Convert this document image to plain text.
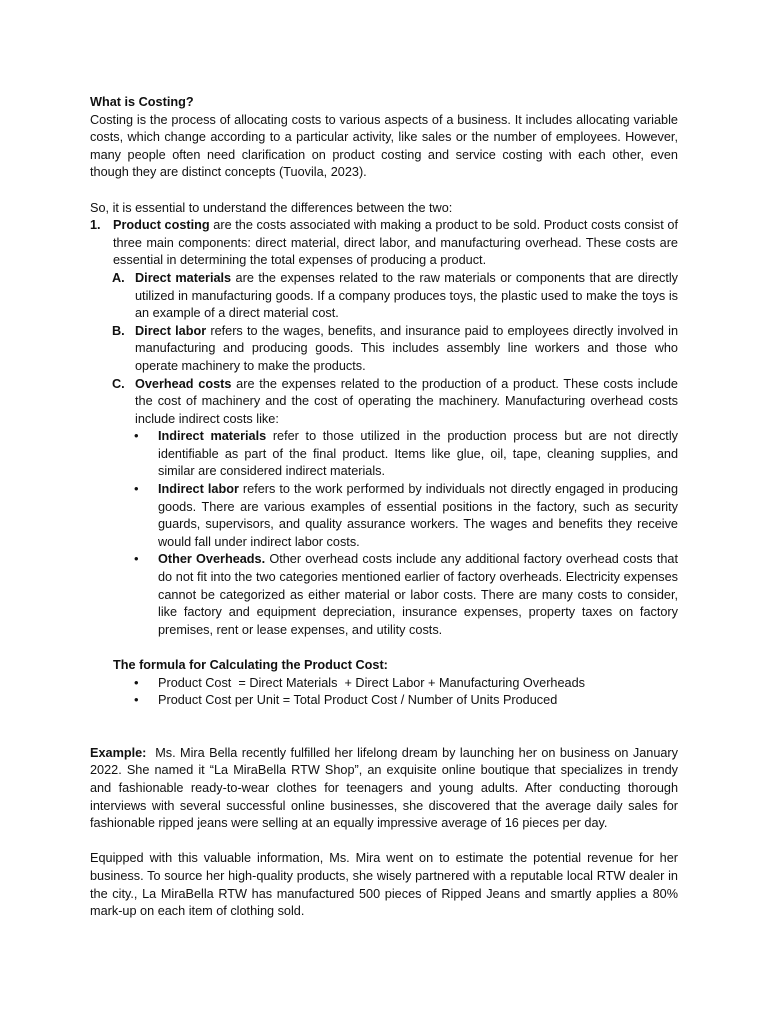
What is Costing?

Costing is the process of allocating costs to various aspects of a business. It includes allocating variable costs, which change according to a particular activity, like sales or the number of employees. However, many people often need clarification on product costing and service costing with each other, even though they are distinct concepts (Tuovila, 2023).

So, it is essential to understand the differences between the two:

1. Product costing are the costs associated with making a product to be sold. Product costs consist of three main components: direct material, direct labor, and manufacturing overhead. These costs are essential in determining the total expenses of producing a product.

A. Direct materials are the expenses related to the raw materials or components that are directly utilized in manufacturing goods. If a company produces toys, the plastic used to make the toys is an example of a direct material cost.

B. Direct labor refers to the wages, benefits, and insurance paid to employees directly involved in manufacturing and producing goods. This includes assembly line workers and those who operate machinery to make the products.

C. Overhead costs are the expenses related to the production of a product. These costs include the cost of machinery and the cost of operating the machinery. Manufacturing overhead costs include indirect costs like:

• Indirect materials refer to those utilized in the production process but are not directly identifiable as part of the final product. Items like glue, oil, tape, cleaning supplies, and similar are considered indirect materials.

• Indirect labor refers to the work performed by individuals not directly engaged in producing goods. There are various examples of essential positions in the factory, such as security guards, supervisors, and quality assurance workers. The wages and benefits they receive would fall under indirect labor costs.

• Other Overheads. Other overhead costs include any additional factory overhead costs that do not fit into the two categories mentioned earlier of factory overheads. Electricity expenses cannot be categorized as either material or labor costs. There are many costs to consider, like factory and equipment depreciation, insurance expenses, property taxes on factory premises, rent or lease expenses, and utility costs.

The formula for Calculating the Product Cost:

• Product Cost  = Direct Materials  + Direct Labor + Manufacturing Overheads

• Product Cost per Unit = Total Product Cost / Number of Units Produced

Example:  Ms. Mira Bella recently fulfilled her lifelong dream by launching her on business on January 2022. She named it “La MiraBella RTW Shop”, an exquisite online boutique that specializes in trendy and fashionable ready-to-wear clothes for teenagers and young adults. After conducting thorough interviews with several successful online businesses, she discovered that the average daily sales for fashionable ripped jeans were selling at an equally impressive average of 16 pieces per day.

Equipped with this valuable information, Ms. Mira went on to estimate the potential revenue for her business. To source her high-quality products, she wisely partnered with a reputable local RTW dealer in the city., La MiraBella RTW has manufactured 500 pieces of Ripped Jeans and smartly applies a 80% mark-up on each item of clothing sold.
